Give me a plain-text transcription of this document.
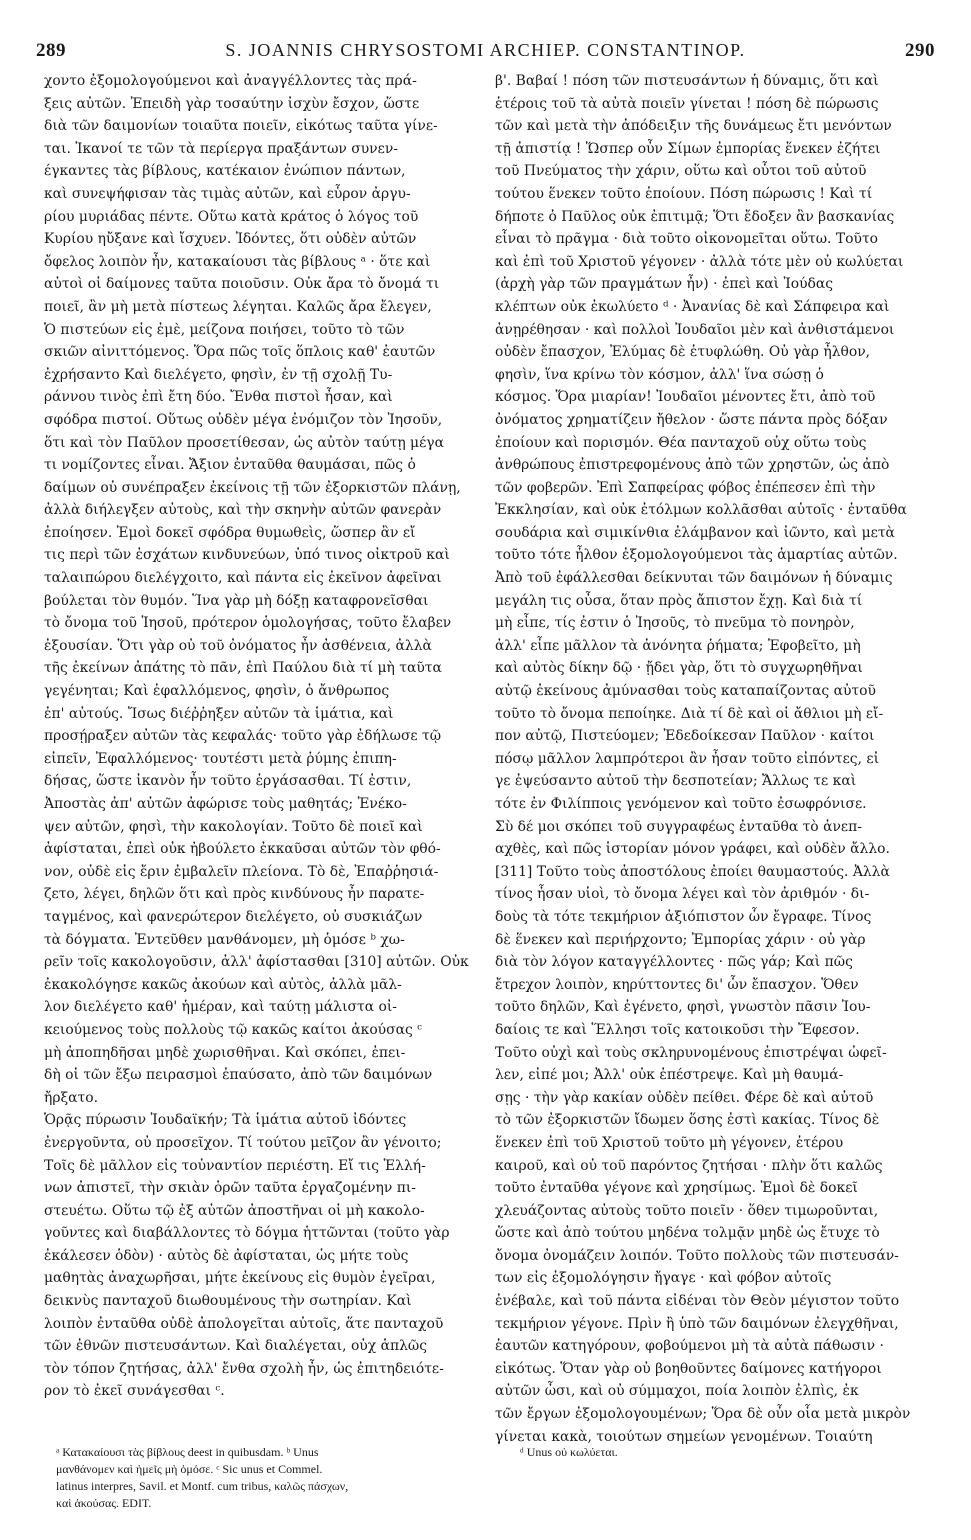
289	S. JOANNIS CHRYSOSTOMI ARCHIEP. CONSTANTINOP.	290

χοντο ἐξομολογούμενοι καὶ ἀναγγέλλοντες τὰς πρά-

ξεις αὐτῶν. Ἐπειδὴ γὰρ τοσαύτην ἰσχὺν ἔσχον, ὥστε

διὰ τῶν δαιμονίων τοιαῦτα ποιεῖν, εἰκότως ταῦτα γίνε-

ται. Ἱκανοί τε τῶν τὰ περίεργα πραξάντων συνεν-

έγκαντες τὰς βίβλους, κατέκαιον ἐνώπιον πάντων,

καὶ συνεψήφισαν τὰς τιμὰς αὐτῶν, καὶ εὗρον ἀργυ-

ρίου μυριάδας πέντε. Οὕτω κατὰ κράτος ὁ λόγος τοῦ

Κυρίου ηὔξανε καὶ ἴσχυεν. Ἰδόντες, ὅτι οὐδὲν αὐτῶν

ὄφελος λοιπὸν ἦν, κατακαίουσι τὰς βίβλους ᵃ · ὅτε καὶ

αὐτοὶ οἱ δαίμονες ταῦτα ποιοῦσιν. Οὐκ ἄρα τὸ ὄνομά τι

ποιεῖ, ἂν μὴ μετὰ πίστεως λέγηται. Καλῶς ἄρα ἔλεγεν,

Ὁ πιστεύων εἰς ἐμὲ, μείζονα ποιήσει, τοῦτο τὸ τῶν

σκιῶν αἰνιττόμενος. Ὅρα πῶς τοῖς ὅπλοις καθ' ἑαυτῶν

ἐχρήσαντο Καὶ διελέγετο, φησὶν, ἐν τῇ σχολῇ Τυ-

ράννου τινὸς ἐπὶ ἔτη δύο. Ἔνθα πιστοὶ ἦσαν, καὶ

σφόδρα πιστοί. Οὕτως οὐδὲν μέγα ἐνόμιζον τὸν Ἰησοῦν,

ὅτι καὶ τὸν Παῦλον προσετίθεσαν, ὡς αὐτὸν ταύτῃ μέγα

τι νομίζοντες εἶναι. Ἄξιον ἐνταῦθα θαυμάσαι, πῶς ὁ

δαίμων οὐ συνέπραξεν ἐκείνοις τῇ τῶν ἐξορκιστῶν πλάνῃ,

ἀλλὰ διήλεγξεν αὐτοὺς, καὶ τὴν σκηνὴν αὐτῶν φανερὰν

ἐποίησεν. Ἐμοὶ δοκεῖ σφόδρα θυμωθεὶς, ὥσπερ ἂν εἴ

τις περὶ τῶν ἐσχάτων κινδυνεύων, ὑπό τινος οἰκτροῦ καὶ

ταλαιπώρου διελέγχοιτο, καὶ πάντα εἰς ἐκεῖνον ἀφεῖναι

βούλεται τὸν θυμόν. Ἵνα γὰρ μὴ δόξῃ καταφρονεῖσθαι

τὸ ὄνομα τοῦ Ἰησοῦ, πρότερον ὁμολογήσας, τοῦτο ἔλαβεν

ἐξουσίαν. Ὅτι γὰρ οὐ τοῦ ὀνόματος ἦν ἀσθένεια, ἀλλὰ

τῆς ἐκείνων ἀπάτης τὸ πᾶν, ἐπὶ Παύλου διὰ τί μὴ ταῦτα

γεγένηται; Καὶ ἐφαλλόμενος, φησὶν, ὁ ἄνθρωπος

ἐπ' αὐτούς. Ἴσως διέῤῥηξεν αὐτῶν τὰ ἱμάτια, καὶ

προσῄραξεν αὐτῶν τὰς κεφαλάς· τοῦτο γὰρ ἐδήλωσε τῷ

εἰπεῖν, Ἐφαλλόμενος· τουτέστι μετὰ ῥύμης ἐπιπη-

δήσας, ὥστε ἱκανὸν ἦν τοῦτο ἐργάσασθαι. Τί ἐστιν,

Ἀποστὰς ἀπ' αὐτῶν ἀφώρισε τοὺς μαθητάς; Ἐνέκο-

ψεν αὐτῶν, φησὶ, τὴν κακολογίαν. Τοῦτο δὲ ποιεῖ καὶ

ἀφίσταται, ἐπεὶ οὐκ ἠβούλετο ἐκκαῦσαι αὐτῶν τὸν φθό-

νον, οὐδὲ εἰς ἔριν ἐμβαλεῖν πλείονα. Τὸ δὲ, Ἐπαῤῥησιά-

ζετο, λέγει, δηλῶν ὅτι καὶ πρὸς κινδύνους ἦν παρατε-

ταγμένος, καὶ φανερώτερον διελέγετο, οὐ συσκιάζων

τὰ δόγματα. Ἐντεῦθεν μανθάνομεν, μὴ ὁμόσε ᵇ χω-

ρεῖν τοῖς κακολογοῦσιν, ἀλλ' ἀφίστασθαι [310] αὐτῶν. Οὐκ

ἐκακολόγησε κακῶς ἀκούων καὶ αὐτὸς, ἀλλὰ μᾶλ-

λον διελέγετο καθ' ἡμέραν, καὶ ταύτῃ μάλιστα οἰ-

κειούμενος τοὺς πολλοὺς τῷ κακῶς καίτοι ἀκούσας ᶜ

μὴ ἀποπηδῆσαι μηδὲ χωρισθῆναι. Καὶ σκόπει, ἐπει-

δὴ οἱ τῶν ἔξω πειρασμοὶ ἐπαύσατο, ἀπὸ τῶν δαιμόνων

ἤρξατο.

Ὁρᾷς πύρωσιν Ἰουδαϊκήν; Τὰ ἱμάτια αὐτοῦ ἰδόντες

ἐνεργοῦντα, οὐ προσεῖχον. Τί τούτου μεῖζον ἂν γένοιτο;

Τοῖς δὲ μᾶλλον εἰς τοὐναντίον περιέστη. Εἴ τις Ἑλλή-

νων ἀπιστεῖ, τὴν σκιὰν ὁρῶν ταῦτα ἐργαζομένην πι-

στευέτω. Οὕτω τῷ ἐξ αὐτῶν ἀποστῆναι οἱ μὴ κακολο-

γοῦντες καὶ διαβάλλοντες τὸ δόγμα ἡττῶνται (τοῦτο γὰρ

ἐκάλεσεν ὁδὸν) · αὐτὸς δὲ ἀφίσταται, ὡς μήτε τοὺς

μαθητὰς ἀναχωρῆσαι, μήτε ἐκείνους εἰς θυμὸν ἐγεῖραι,

δεικνὺς πανταχοῦ διωθουμένους τὴν σωτηρίαν. Καὶ

λοιπὸν ἐνταῦθα οὐδὲ ἀπολογεῖται αὐτοῖς, ἅτε πανταχοῦ

τῶν ἐθνῶν πιστευσάντων. Καὶ διαλέγεται, οὐχ ἁπλῶς

τὸν τόπον ζητήσας, ἀλλ' ἔνθα σχολὴ ἦν, ὡς ἐπιτηδειότε-

ρον τὸ ἐκεῖ συνάγεσθαι ᶜ.

β'. Βαβαί ! πόση τῶν πιστευσάντων ἡ δύναμις, ὅτι καὶ

ἑτέροις τοῦ τὰ αὐτὰ ποιεῖν γίνεται ! πόση δὲ πώρωσις

τῶν καὶ μετὰ τὴν ἀπόδειξιν τῆς δυνάμεως ἔτι μενόντων

τῇ ἀπιστίᾳ ! Ὥσπερ οὖν Σίμων ἐμπορίας ἕνεκεν ἐζήτει

τοῦ Πνεύματος τὴν χάριν, οὕτω καὶ οὗτοι τοῦ αὐτοῦ

τούτου ἕνεκεν τοῦτο ἐποίουν. Πόση πώρωσις ! Καὶ τί

δήποτε ὁ Παῦλος οὐκ ἐπιτιμᾷ; Ὅτι ἔδοξεν ἂν βασκανίας

εἶναι τὸ πρᾶγμα · διὰ τοῦτο οἰκονομεῖται οὕτω. Τοῦτο

καὶ ἐπὶ τοῦ Χριστοῦ γέγονεν · ἀλλὰ τότε μὲν οὐ κωλύεται

(ἀρχὴ γὰρ τῶν πραγμάτων ἦν) · ἐπεὶ καὶ Ἰούδας

κλέπτων οὐκ ἐκωλύετο ᵈ · Ἀνανίας δὲ καὶ Σάπφειρα καὶ

ἀνῃρέθησαν · καὶ πολλοὶ Ἰουδαῖοι μὲν καὶ ἀνθιστάμενοι

οὐδὲν ἔπασχον, Ἐλύμας δὲ ἐτυφλώθη. Οὐ γὰρ ἦλθον,

φησὶν, ἵνα κρίνω τὸν κόσμον, ἀλλ' ἵνα σώσῃ ὁ

κόσμος. Ὅρα μιαρίαν! Ἰουδαῖοι μένοντες ἔτι, ἀπὸ τοῦ

ὀνόματος χρηματίζειν ἤθελον · ὥστε πάντα πρὸς δόξαν

ἐποίουν καὶ πορισμόν. Θέα πανταχοῦ οὐχ οὕτω τοὺς

ἀνθρώπους ἐπιστρεφομένους ἀπὸ τῶν χρηστῶν, ὡς ἀπὸ

τῶν φοβερῶν. Ἐπὶ Σαπφείρας φόβος ἐπέπεσεν ἐπὶ τὴν

Ἐκκλησίαν, καὶ οὐκ ἐτόλμων κολλᾶσθαι αὐτοῖς · ἐνταῦθα

σουδάρια καὶ σιμικίνθια ἐλάμβανον καὶ ἰῶντο, καὶ μετὰ

τοῦτο τότε ἦλθον ἐξομολογούμενοι τὰς ἁμαρτίας αὐτῶν.

Ἀπὸ τοῦ ἐφάλλεσθαι δείκνυται τῶν δαιμόνων ἡ δύναμις

μεγάλη τις οὖσα, ὅταν πρὸς ἄπιστον ἔχῃ. Καὶ διὰ τί

μὴ εἶπε, τίς ἐστιν ὁ Ἰησοῦς, τὸ πνεῦμα τὸ πονηρὸν,

ἀλλ' εἶπε μᾶλλον τὰ ἀνόνητα ῥήματα; Ἐφοβεῖτο, μὴ

καὶ αὐτὸς δίκην δῷ · ᾔδει γὰρ, ὅτι τὸ συγχωρηθῆναι

αὐτῷ ἐκείνους ἀμύνασθαι τοὺς καταπαίζοντας αὐτοῦ

τοῦτο τὸ ὄνομα πεποίηκε. Διὰ τί δὲ καὶ οἱ ἄθλιοι μὴ εἴ-

πον αὐτῷ, Πιστεύομεν; Ἐδεδοίκεσαν Παῦλον · καίτοι

πόσῳ μᾶλλον λαμπρότεροι ἂν ἦσαν τοῦτο εἰπόντες, εἰ

γε ἐψεύσαντο αὐτοῦ τὴν δεσποτείαν; Ἄλλως τε καὶ

τότε ἐν Φιλίπποις γενόμενον καὶ τοῦτο ἐσωφρόνισε.

Σὺ δέ μοι σκόπει τοῦ συγγραφέως ἐνταῦθα τὸ ἀνεπ-

αχθὲς, καὶ πῶς ἱστορίαν μόνον γράφει, καὶ οὐδὲν ἄλλο.

[311] Τοῦτο τοὺς ἀποστόλους ἐποίει θαυμαστούς. Ἀλλὰ

τίνος ἦσαν υἱοὶ, τὸ ὄνομα λέγει καὶ τὸν ἀριθμόν · δι-

δοὺς τὰ τότε τεκμήριον ἀξιόπιστον ὧν ἔγραφε. Τίνος

δὲ ἕνεκεν καὶ περιήρχοντο; Ἐμπορίας χάριν · οὐ γὰρ

διὰ τὸν λόγον καταγγέλλοντες · πῶς γάρ; Καὶ πῶς

ἔτρεχον λοιπὸν, κηρύττοντες δι' ὧν ἔπασχον. Ὅθεν

τοῦτο δηλῶν, Καὶ ἐγένετο, φησὶ, γνωστὸν πᾶσιν Ἰου-

δαίοις τε καὶ Ἕλλησι τοῖς κατοικοῦσι τὴν Ἔφεσον.

Τοῦτο οὐχὶ καὶ τοὺς σκληρυνομένους ἐπιστρέψαι ὠφεῖ-

λεν, εἰπέ μοι; Ἀλλ' οὐκ ἐπέστρεψε. Καὶ μὴ θαυμά-

σῃς · τὴν γὰρ κακίαν οὐδὲν πείθει. Φέρε δὲ καὶ αὐτοῦ

τὸ τῶν ἐξορκιστῶν ἴδωμεν ὅσης ἐστὶ κακίας. Τίνος δὲ

ἕνεκεν ἐπὶ τοῦ Χριστοῦ τοῦτο μὴ γέγονεν, ἑτέρου

καιροῦ, καὶ οὐ τοῦ παρόντος ζητήσαι · πλὴν ὅτι καλῶς

τοῦτο ἐνταῦθα γέγονε καὶ χρησίμως. Ἐμοὶ δὲ δοκεῖ

χλευάζοντας αὐτοὺς τοῦτο ποιεῖν · ὅθεν τιμωροῦνται,

ὥστε καὶ ἀπὸ τούτου μηδένα τολμᾷν μηδὲ ὡς ἔτυχε τὸ

ὄνομα ὀνομάζειν λοιπόν. Τοῦτο πολλοὺς τῶν πιστευσάν-

των εἰς ἐξομολόγησιν ἤγαγε · καὶ φόβον αὐτοῖς

ἐνέβαλε, καὶ τοῦ πάντα εἰδέναι τὸν Θεὸν μέγιστον τοῦτο

τεκμήριον γέγονε. Πρὶν ἢ ὑπὸ τῶν δαιμόνων ἐλεγχθῆναι,

ἑαυτῶν κατηγόρουν, φοβούμενοι μὴ τὰ αὐτὰ πάθωσιν ·

εἰκότως. Ὅταν γὰρ οὐ βοηθοῦντες δαίμονες κατήγοροι

αὐτῶν ὦσι, καὶ οὐ σύμμαχοι, ποία λοιπὸν ἐλπὶς, ἐκ

τῶν ἔργων ἐξομολογουμένων; Ὅρα δὲ οὖν οἷα μετὰ μικρὸν

γίνεται κακὰ, τοιούτων σημείων γενομένων. Τοιαύτη

ᵃ Κατακαίουσι τὰς βίβλους deest in quibusdam. ᵇ Unus

μανθάνομεν καὶ ἡμεῖς μὴ ὁμόσε. ᶜ Sic unus et Commel.

latinus interpres, Savil. et Montf. cum tribus, καλῶς πάσχων,

καὶ ἀκούσας. EDIT.

ᵈ Unus οὐ κωλύεται.
